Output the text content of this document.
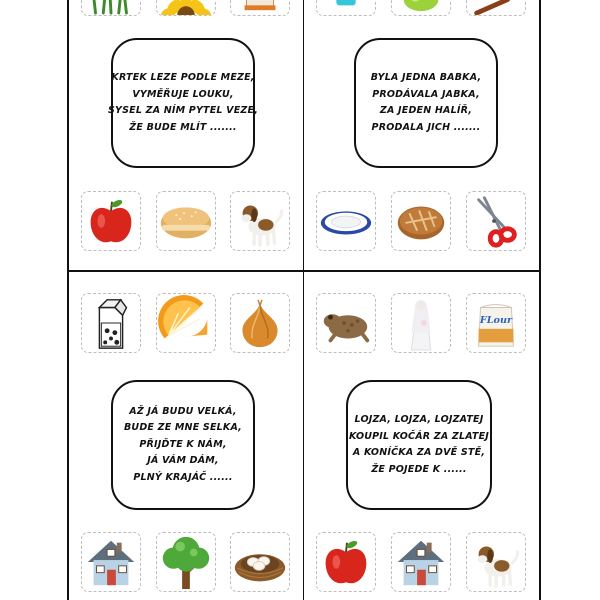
KRTEK LEZE PODLE MEZE,
VYMĚŘUJE LOUKU,
SYSEL ZA NÍM PYTEL VEZE,
ŽE BUDE MLÍT .......
BYLA JEDNA BABKA,
PRODÁVALA JABKA,
ZA JEDEN HALÍŘ,
PRODALA JICH .......
AŽ JÁ BUDU VELKÁ,
BUDE ZE MNE SELKA,
PŘIJĎTE K NÁM,
JÁ VÁM DÁM,
PLNÝ KRAJÁČ ......
FLour
LOJZA, LOJZA, LOJZATEJ
KOUPIL KOČÁR ZA ZLATEJ
A KONÍČKA ZA DVĚ STĚ,
ŽE POJEDE K ......
